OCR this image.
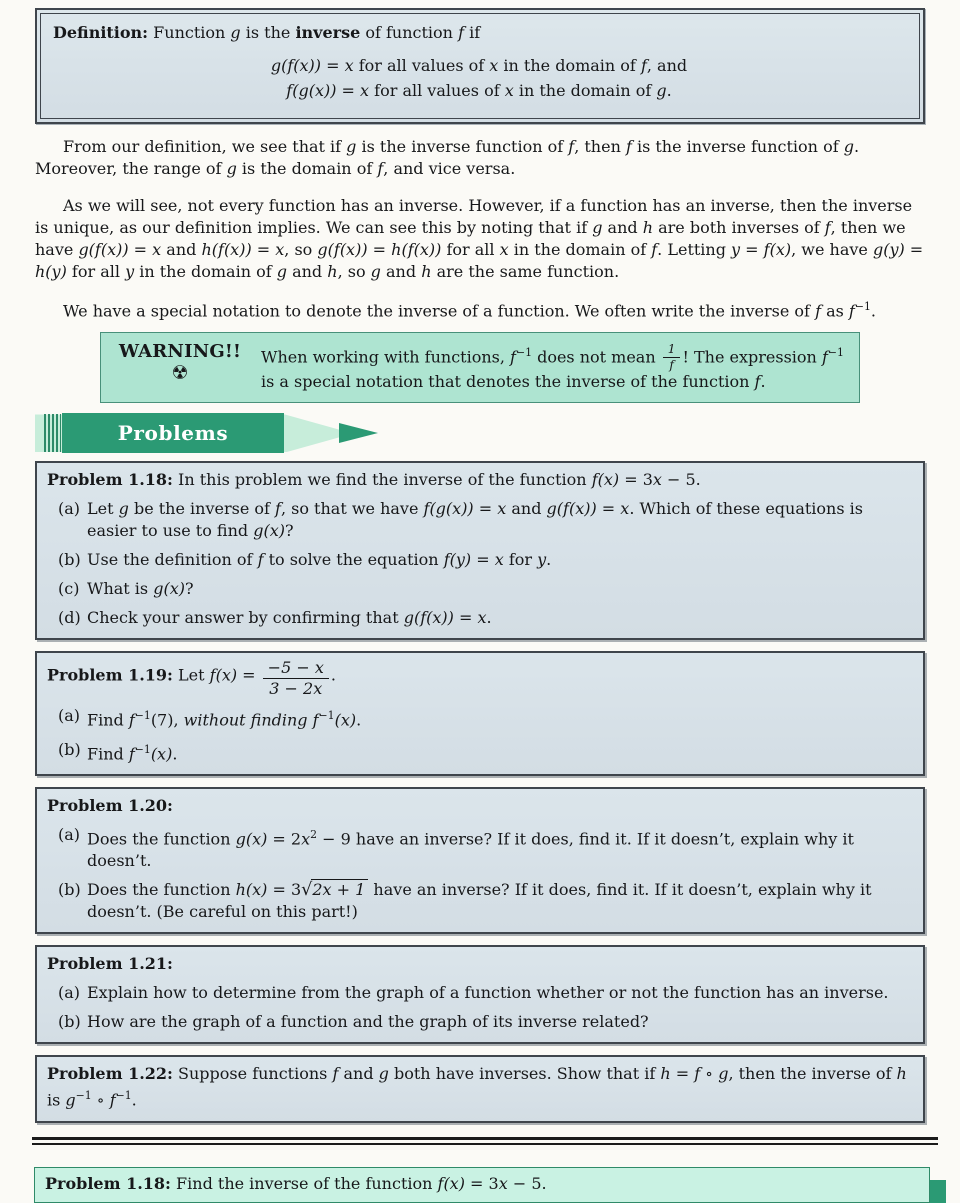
Definition: Function g is the inverse of function f if
g(f(x)) = x for all values of x in the domain of f, and
f(g(x)) = x for all values of x in the domain of g.

From our definition, we see that if g is the inverse function of f, then f is the inverse function of g. Moreover, the range of g is the domain of f, and vice versa.

As we will see, not every function has an inverse. However, if a function has an inverse, then the inverse is unique, as our definition implies. We can see this by noting that if g and h are both inverses of f, then we have g(f(x)) = x and h(f(x)) = x, so g(f(x)) = h(f(x)) for all x in the domain of f. Letting y = f(x), we have g(y) = h(y) for all y in the domain of g and h, so g and h are the same function.

We have a special notation to denote the inverse of a function. We often write the inverse of f as $f^{-1}$.

WARNING!!
☢
When working with functions, $f^{-1}$ does not mean $\frac{1}{f}$ ! The expression $f^{-1}$ is a special notation that denotes the inverse of the function f.
Problems
Problem 1.18: In this problem we find the inverse of the function f(x) = 3x − 5.
(a) Let g be the inverse of f, so that we have f(g(x)) = x and g(f(x)) = x. Which of these equations is easier to use to find g(x)?
(b) Use the definition of f to solve the equation f(y) = x for y.
(c) What is g(x)?
(d) Check your answer by confirming that g(f(x)) = x.
Problem 1.19: Let $f(x) = \frac{-5 - x}{3 - 2x}$ .
(a) Find $f^{-1}(7)$, without finding $f^{-1}(x)$.
(b) Find $f^{-1}(x)$.
Problem 1.20:
(a) Does the function $g(x) = 2x^2 - 9$ have an inverse? If it does, find it. If it doesn’t, explain why it doesn’t.
(b) Does the function h(x) = 3√2x + 1 have an inverse? If it does, find it. If it doesn’t, explain why it doesn’t. (Be careful on this part!)
Problem 1.21:
(a) Explain how to determine from the graph of a function whether or not the function has an inverse.
(b) How are the graph of a function and the graph of its inverse related?
Problem 1.22: Suppose functions f and g both have inverses. Show that if h = f ∘ g, then the inverse of h is $g^{-1}$ ∘ $f^{-1}$.
Problem 1.18: Find the inverse of the function f(x) = 3x − 5.
